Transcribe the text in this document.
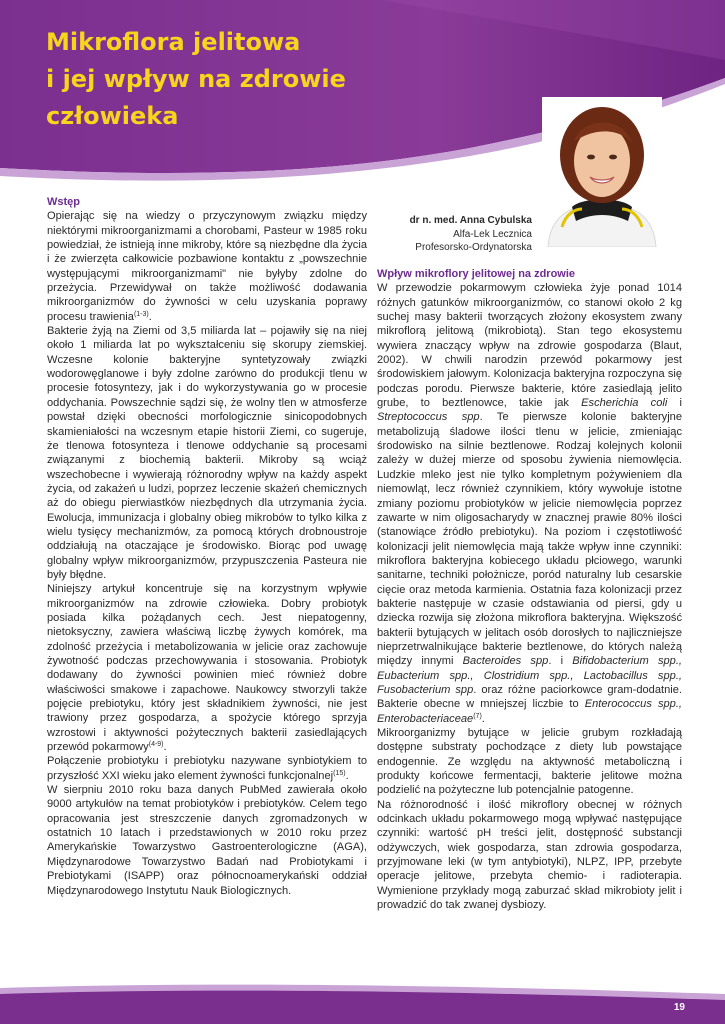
Mikroflora jelitowa
i jej wpływ na zdrowie
człowieka
dr n. med. Anna Cybulska
Alfa-Lek Lecznica
Profesorsko-Ordynatorska
Wstęp

Opierając się na wiedzy o przyczynowym związku między niektórymi mikroorganizmami a chorobami, Pasteur w 1985 roku powiedział, że istnieją inne mikroby, które są niezbędne dla życia i że zwierzęta całkowicie pozbawione kontaktu z „powszechnie występującymi mikroorganizmami" nie byłyby zdolne do przeżycia. Przewidywał on także możliwość dodawania mikroorganizmów do żywności w celu uzyskania poprawy procesu trawienia$^{(1-3)}$.

Bakterie żyją na Ziemi od 3,5 miliarda lat – pojawiły się na niej około 1 miliarda lat po wykształceniu się skorupy ziemskiej. Wczesne kolonie bakteryjne syntetyzowały związki wodorowęglanowe i były zdolne zarówno do produkcji tlenu w procesie fotosyntezy, jak i do wykorzystywania go w procesie oddychania. Powszechnie sądzi się, że wolny tlen w atmosferze powstał dzięki obecności morfologicznie sinicopodobnych skamieniałości na wczesnym etapie historii Ziemi, co sugeruje, że tlenowa fotosynteza i tlenowe oddychanie są procesami związanymi z biochemią bakterii. Mikroby są wciąż wszechobecne i wywierają różnorodny wpływ na każdy aspekt życia, od zakażeń u ludzi, poprzez leczenie skażeń chemicznych aż do obiegu pierwiastków niezbędnych dla utrzymania życia. Ewolucja, immunizacja i globalny obieg mikrobów to tylko kilka z wielu tysięcy mechanizmów, za pomocą których drobnoustroje oddziałują na otaczające je środowisko. Biorąc pod uwagę globalny wpływ mikroorganizmów, przypuszczenia Pasteura nie były błędne.

Niniejszy artykuł koncentruje się na korzystnym wpływie mikroorganizmów na zdrowie człowieka. Dobry probiotyk posiada kilka pożądanych cech. Jest niepatogenny, nietoksyczny, zawiera właściwą liczbę żywych komórek, ma zdolność przeżycia i metabolizowania w jelicie oraz zachowuje żywotność podczas przechowywania i stosowania. Probiotyk dodawany do żywności powinien mieć również dobre właściwości smakowe i zapachowe. Naukowcy stworzyli także pojęcie prebiotyku, który jest składnikiem żywności, nie jest trawiony przez gospodarza, a spożycie którego sprzyja wzrostowi i aktywności pożytecznych bakterii zasiedlających przewód pokarmowy$^{(4-9)}$.

Połączenie probiotyku i prebiotyku nazywane synbiotykiem to przyszłość XXI wieku jako element żywności funkcjonalnej$^{(15)}$.

W sierpniu 2010 roku baza danych PubMed zawierała około 9000 artykułów na temat probiotyków i prebiotyków. Celem tego opracowania jest streszczenie danych zgromadzonych w ostatnich 10 latach i przedstawionych w 2010 roku przez Amerykańskie Towarzystwo Gastroenterologiczne (AGA), Międzynarodowe Towarzystwo Badań nad Probiotykami i Prebiotykami (ISAPP) oraz północnoamerykański oddział Międzynarodowego Instytutu Nauk Biologicznych.

Wpływ mikroflory jelitowej na zdrowie

W przewodzie pokarmowym człowieka żyje ponad 1014 różnych gatunków mikroorganizmów, co stanowi około 2 kg suchej masy bakterii tworzących złożony ekosystem zwany mikroflorą jelitową (mikrobiotą). Stan tego ekosystemu wywiera znaczący wpływ na zdrowie gospodarza (Blaut, 2002). W chwili narodzin przewód pokarmowy jest środowiskiem jałowym. Kolonizacja bakteryjna rozpoczyna się podczas porodu. Pierwsze bakterie, które zasiedlają jelito grube, to beztlenowce, takie jak Escherichia coli i Streptococcus spp. Te pierwsze kolonie bakteryjne metabolizują śladowe ilości tlenu w jelicie, zmieniając środowisko na silnie beztlenowe. Rodzaj kolejnych kolonii zależy w dużej mierze od sposobu żywienia niemowlęcia. Ludzkie mleko jest nie tylko kompletnym pożywieniem dla niemowląt, lecz również czynnikiem, który wywołuje istotne zmiany poziomu probiotyków w jelicie niemowlęcia poprzez zawarte w nim oligosacharydy w znacznej prawie 80% ilości (stanowiące źródło prebiotyku). Na poziom i częstotliwość kolonizacji jelit niemowlęcia mają także wpływ inne czynniki: mikroflora bakteryjna kobiecego układu płciowego, warunki sanitarne, techniki położnicze, poród naturalny lub cesarskie cięcie oraz metoda karmienia. Ostatnia faza kolonizacji przez bakterie następuje w czasie odstawiania od piersi, gdy u dziecka rozwija się złożona mikroflora bakteryjna. Większość bakterii bytujących w jelitach osób dorosłych to najliczniejsze nieprzetrwalnikujące bakterie beztlenowe, do których należą między innymi Bacteroides spp. i Bifidobacterium spp., Eubacterium spp., Clostridium spp., Lactobacillus spp., Fusobacterium spp. oraz różne paciorkowce gram-dodatnie. Bakterie obecne w mniejszej liczbie to Enterococcus spp., Enterobacteriaceae$^{(7)}$.

Mikroorganizmy bytujące w jelicie grubym rozkładają dostępne substraty pochodzące z diety lub powstające endogennie. Ze względu na aktywność metaboliczną i produkty końcowe fermentacji, bakterie jelitowe można podzielić na pożyteczne lub potencjalnie patogenne.

Na różnorodność i ilość mikroflory obecnej w różnych odcinkach układu pokarmowego mogą wpływać następujące czynniki: wartość pH treści jelit, dostępność substancji odżywczych, wiek gospodarza, stan zdrowia gospodarza, przyjmowane leki (w tym antybiotyki), NLPZ, IPP, przebyte operacje jelitowe, przebyta chemio- i radioterapia. Wymienione przykłady mogą zaburzać skład mikrobioty jelit i prowadzić do tak zwanej dysbiozy.

19
